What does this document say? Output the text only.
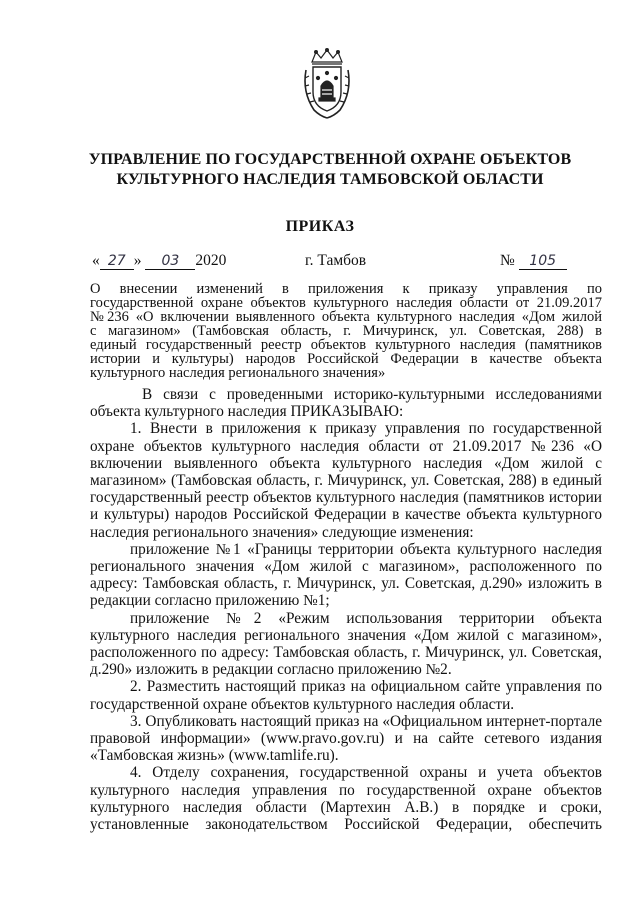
УПРАВЛЕНИЕ ПО ГОСУДАРСТВЕННОЙ ОХРАНЕ ОБЪЕКТОВ
КУЛЬТУРНОГО НАСЛЕДИЯ ТАМБОВСКОЙ ОБЛАСТИ
ПРИКАЗ
« 27 » 03 2020	г. Тамбов	№ 105
О внесении изменений в приложения к приказу управления по
государственной охране объектов культурного наследия области от 21.09.2017
№236 «О включении выявленного объекта культурного наследия «Дом жилой
с магазином» (Тамбовская область, г. Мичуринск, ул. Советская, 288) в
единый государственный реестр объектов культурного наследия (памятников
истории и культуры) народов Российской Федерации в качестве объекта
культурного наследия регионального значения»
В связи с проведенными историко-культурными исследованиями
объекта культурного наследия ПРИКАЗЫВАЮ:
1. Внести в приложения к приказу управления по государственной
охране объектов культурного наследия области от 21.09.2017 №236 «О
включении выявленного объекта культурного наследия «Дом жилой с
магазином» (Тамбовская область, г. Мичуринск, ул. Советская, 288) в единый
государственный реестр объектов культурного наследия (памятников истории
и культуры) народов Российской Федерации в качестве объекта культурного
наследия регионального значения» следующие изменения:
приложение №1 «Границы территории объекта культурного наследия
регионального значения «Дом жилой с магазином», расположенного по
адресу: Тамбовская область, г. Мичуринск, ул. Советская, д.290» изложить в
редакции согласно приложению №1;
приложение №2 «Режим использования территории объекта
культурного наследия регионального значения «Дом жилой с магазином»,
расположенного по адресу: Тамбовская область, г. Мичуринск, ул. Советская,
д.290» изложить в редакции согласно приложению №2.
2. Разместить настоящий приказ на официальном сайте управления по
государственной охране объектов культурного наследия области.
3. Опубликовать настоящий приказ на «Официальном интернет-портале
правовой информации» (www.pravo.gov.ru) и на сайте сетевого издания
«Тамбовская жизнь» (www.tamlife.ru).
4. Отделу сохранения, государственной охраны и учета объектов
культурного наследия управления по государственной охране объектов
культурного наследия области (Мартехин А.В.) в порядке и сроки,
установленные законодательством Российской Федерации, обеспечить
